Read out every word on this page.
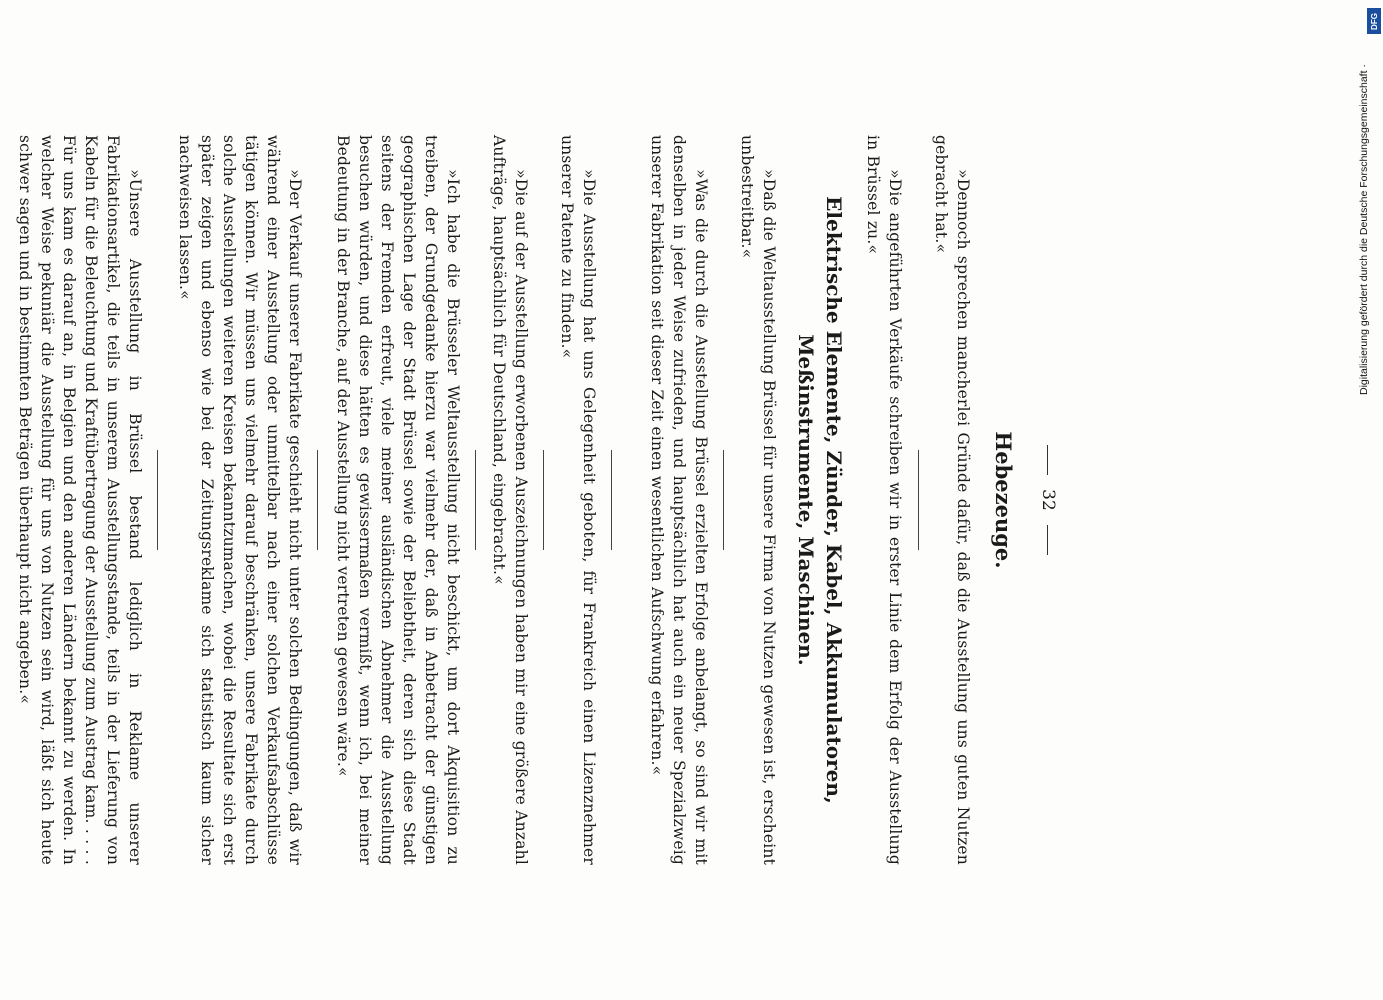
32
Hebezeuge.
»Dennoch sprechen mancherlei Gründe dafür, daß die Ausstellung uns guten Nutzen gebracht hat.«
»Die angeführten Verkäufe schreiben wir in erster Linie dem Erfolg der Ausstellung in Brüssel zu.«
Elektrische Elemente, Zünder, Kabel, Akkumulatoren, Meßinstrumente, Maschinen.
»Daß die Weltausstellung Brüssel für unsere Firma von Nutzen gewesen ist, erscheint unbestreitbar.«
»Was die durch die Ausstellung Brüssel erzielten Erfolge anbelangt, so sind wir mit denselben in jeder Weise zufrieden, und hauptsächlich hat auch ein neuer Spezialzweig unserer Fabrikation seit dieser Zeit einen wesentlichen Aufschwung erfahren.«
»Die Ausstellung hat uns Gelegenheit geboten, für Frankreich einen Lizenznehmer unserer Patente zu finden.«
»Die auf der Ausstellung erworbenen Auszeichnungen haben mir eine größere Anzahl Aufträge, hauptsächlich für Deutschland, eingebracht.«
»Ich habe die Brüsseler Weltausstellung nicht beschickt, um dort Akquisition zu treiben, der Grundgedanke hierzu war vielmehr der, daß in Anbetracht der günstigen geographischen Lage der Stadt Brüssel sowie der Beliebtheit, deren sich diese Stadt seitens der Fremden erfreut, viele meiner ausländischen Abnehmer die Ausstellung besuchen würden, und diese hätten es gewissermaßen vermißt, wenn ich, bei meiner Bedeutung in der Branche, auf der Ausstellung nicht vertreten gewesen wäre.«
»Der Verkauf unserer Fabrikate geschieht nicht unter solchen Bedingungen, daß wir während einer Ausstellung oder unmittelbar nach einer solchen Verkaufsabschlüsse tätigen können. Wir müssen uns vielmehr darauf beschränken, unsere Fabrikate durch solche Ausstellungen weiteren Kreisen bekanntzumachen, wobei die Resultate sich erst später zeigen und ebenso wie bei der Zeitungsreklame sich statistisch kaum sicher nachweisen lassen.«
»Unsere Ausstellung in Brüssel bestand lediglich in Reklame unserer Fabrikationsartikel, die teils in unserem Ausstellungsstande, teils in der Lieferung von Kabeln für die Beleuchtung und Kraftübertragung der Ausstellung zum Austrag kam. . . . . Für uns kam es darauf an, in Belgien und den anderen Ländern bekannt zu werden. In welcher Weise pekuniär die Ausstellung für uns von Nutzen sein wird, läßt sich heute schwer sagen und in bestimmten Beträgen überhaupt nicht angeben.«
DFG
Digitalisierung gefördert durch die Deutsche Forschungsgemeinschaft ·
